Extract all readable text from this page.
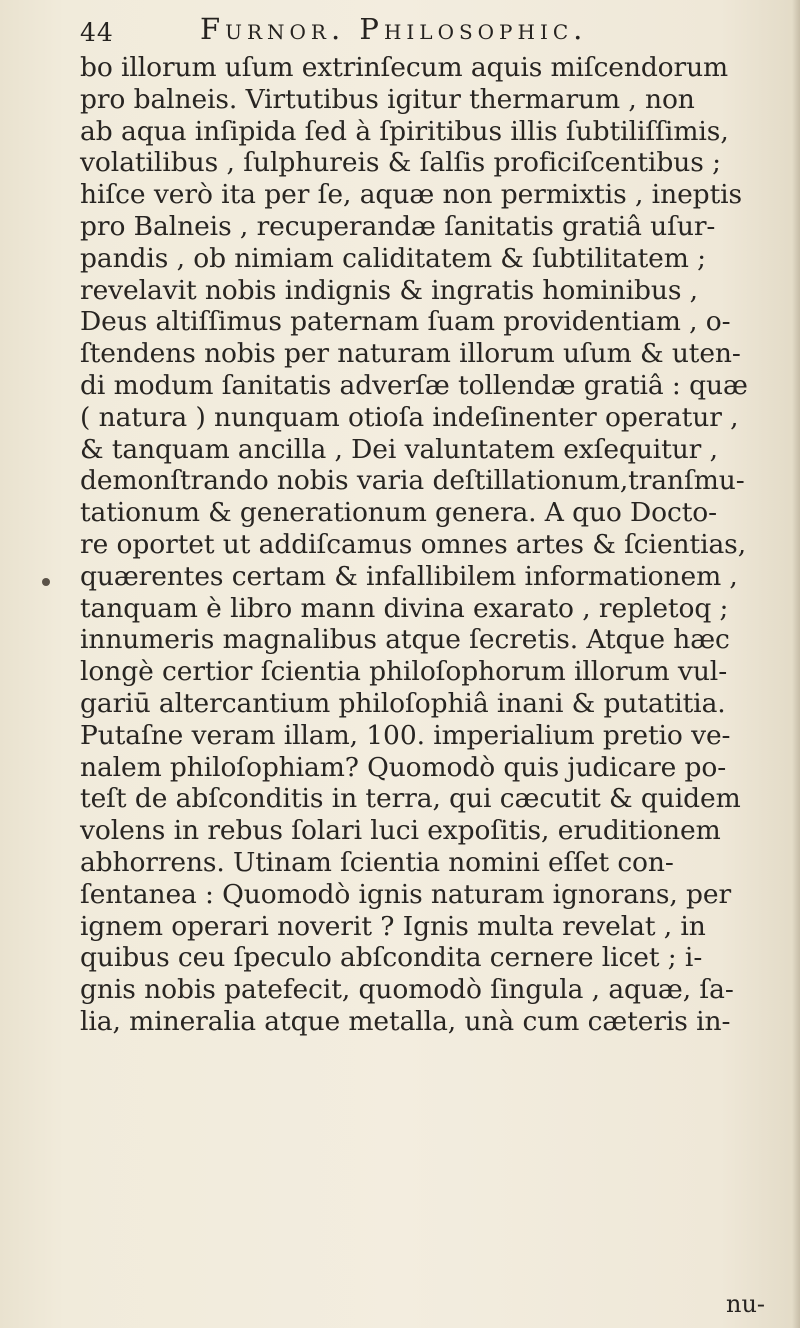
44	Furnor. Philosophic.
bo illorum uſum extrinſecum aquis miſcendorum
pro balneis. Virtutibus igitur thermarum , non
ab aqua inſipida ſed à ſpiritibus illis ſubtiliſſimis,
volatilibus , ſulphureis & ſalſis proficiſcentibus ;
hiſce verò ita per ſe, aquæ non permixtis , ineptis
pro Balneis , recuperandæ ſanitatis gratiâ uſur-
pandis , ob nimiam caliditatem & ſubtilitatem ;
revelavit nobis indignis & ingratis hominibus ,
Deus altiſſimus paternam ſuam providentiam , o-
ſtendens nobis per naturam illorum uſum & uten-
di modum ſanitatis adverſæ tollendæ gratiâ : quæ
( natura ) nunquam otioſa indeſinenter operatur ,
& tanquam ancilla , Dei valuntatem exſequitur ,
demonſtrando nobis varia deſtillationum,tranſmu-
tationum & generationum genera. A quo Docto-
re oportet ut addiſcamus omnes artes & ſcientias,
quærentes certam & infallibilem informationem ,
tanquam è libro mann divina exarato , repletoq ;
innumeris magnalibus atque ſecretis. Atque hæc
longè certior ſcientia philoſophorum illorum vul-
gariū altercantium philoſophiâ inani & putatitia.
Putaſne veram illam, 100. imperialium pretio ve-
nalem philoſophiam? Quomodò quis judicare po-
teſt de abſconditis in terra, qui cæcutit & quidem
volens in rebus ſolari luci expoſitis, eruditionem
abhorrens. Utinam ſcientia nomini eſſet con-
ſentanea : Quomodò ignis naturam ignorans, per
ignem operari noverit ? Ignis multa revelat , in
quibus ceu ſpeculo abſcondita cernere licet ; i-
gnis nobis patefecit, quomodò ſingula , aquæ, ſa-
lia, mineralia atque metalla, unà cum cæteris in-
nu-
